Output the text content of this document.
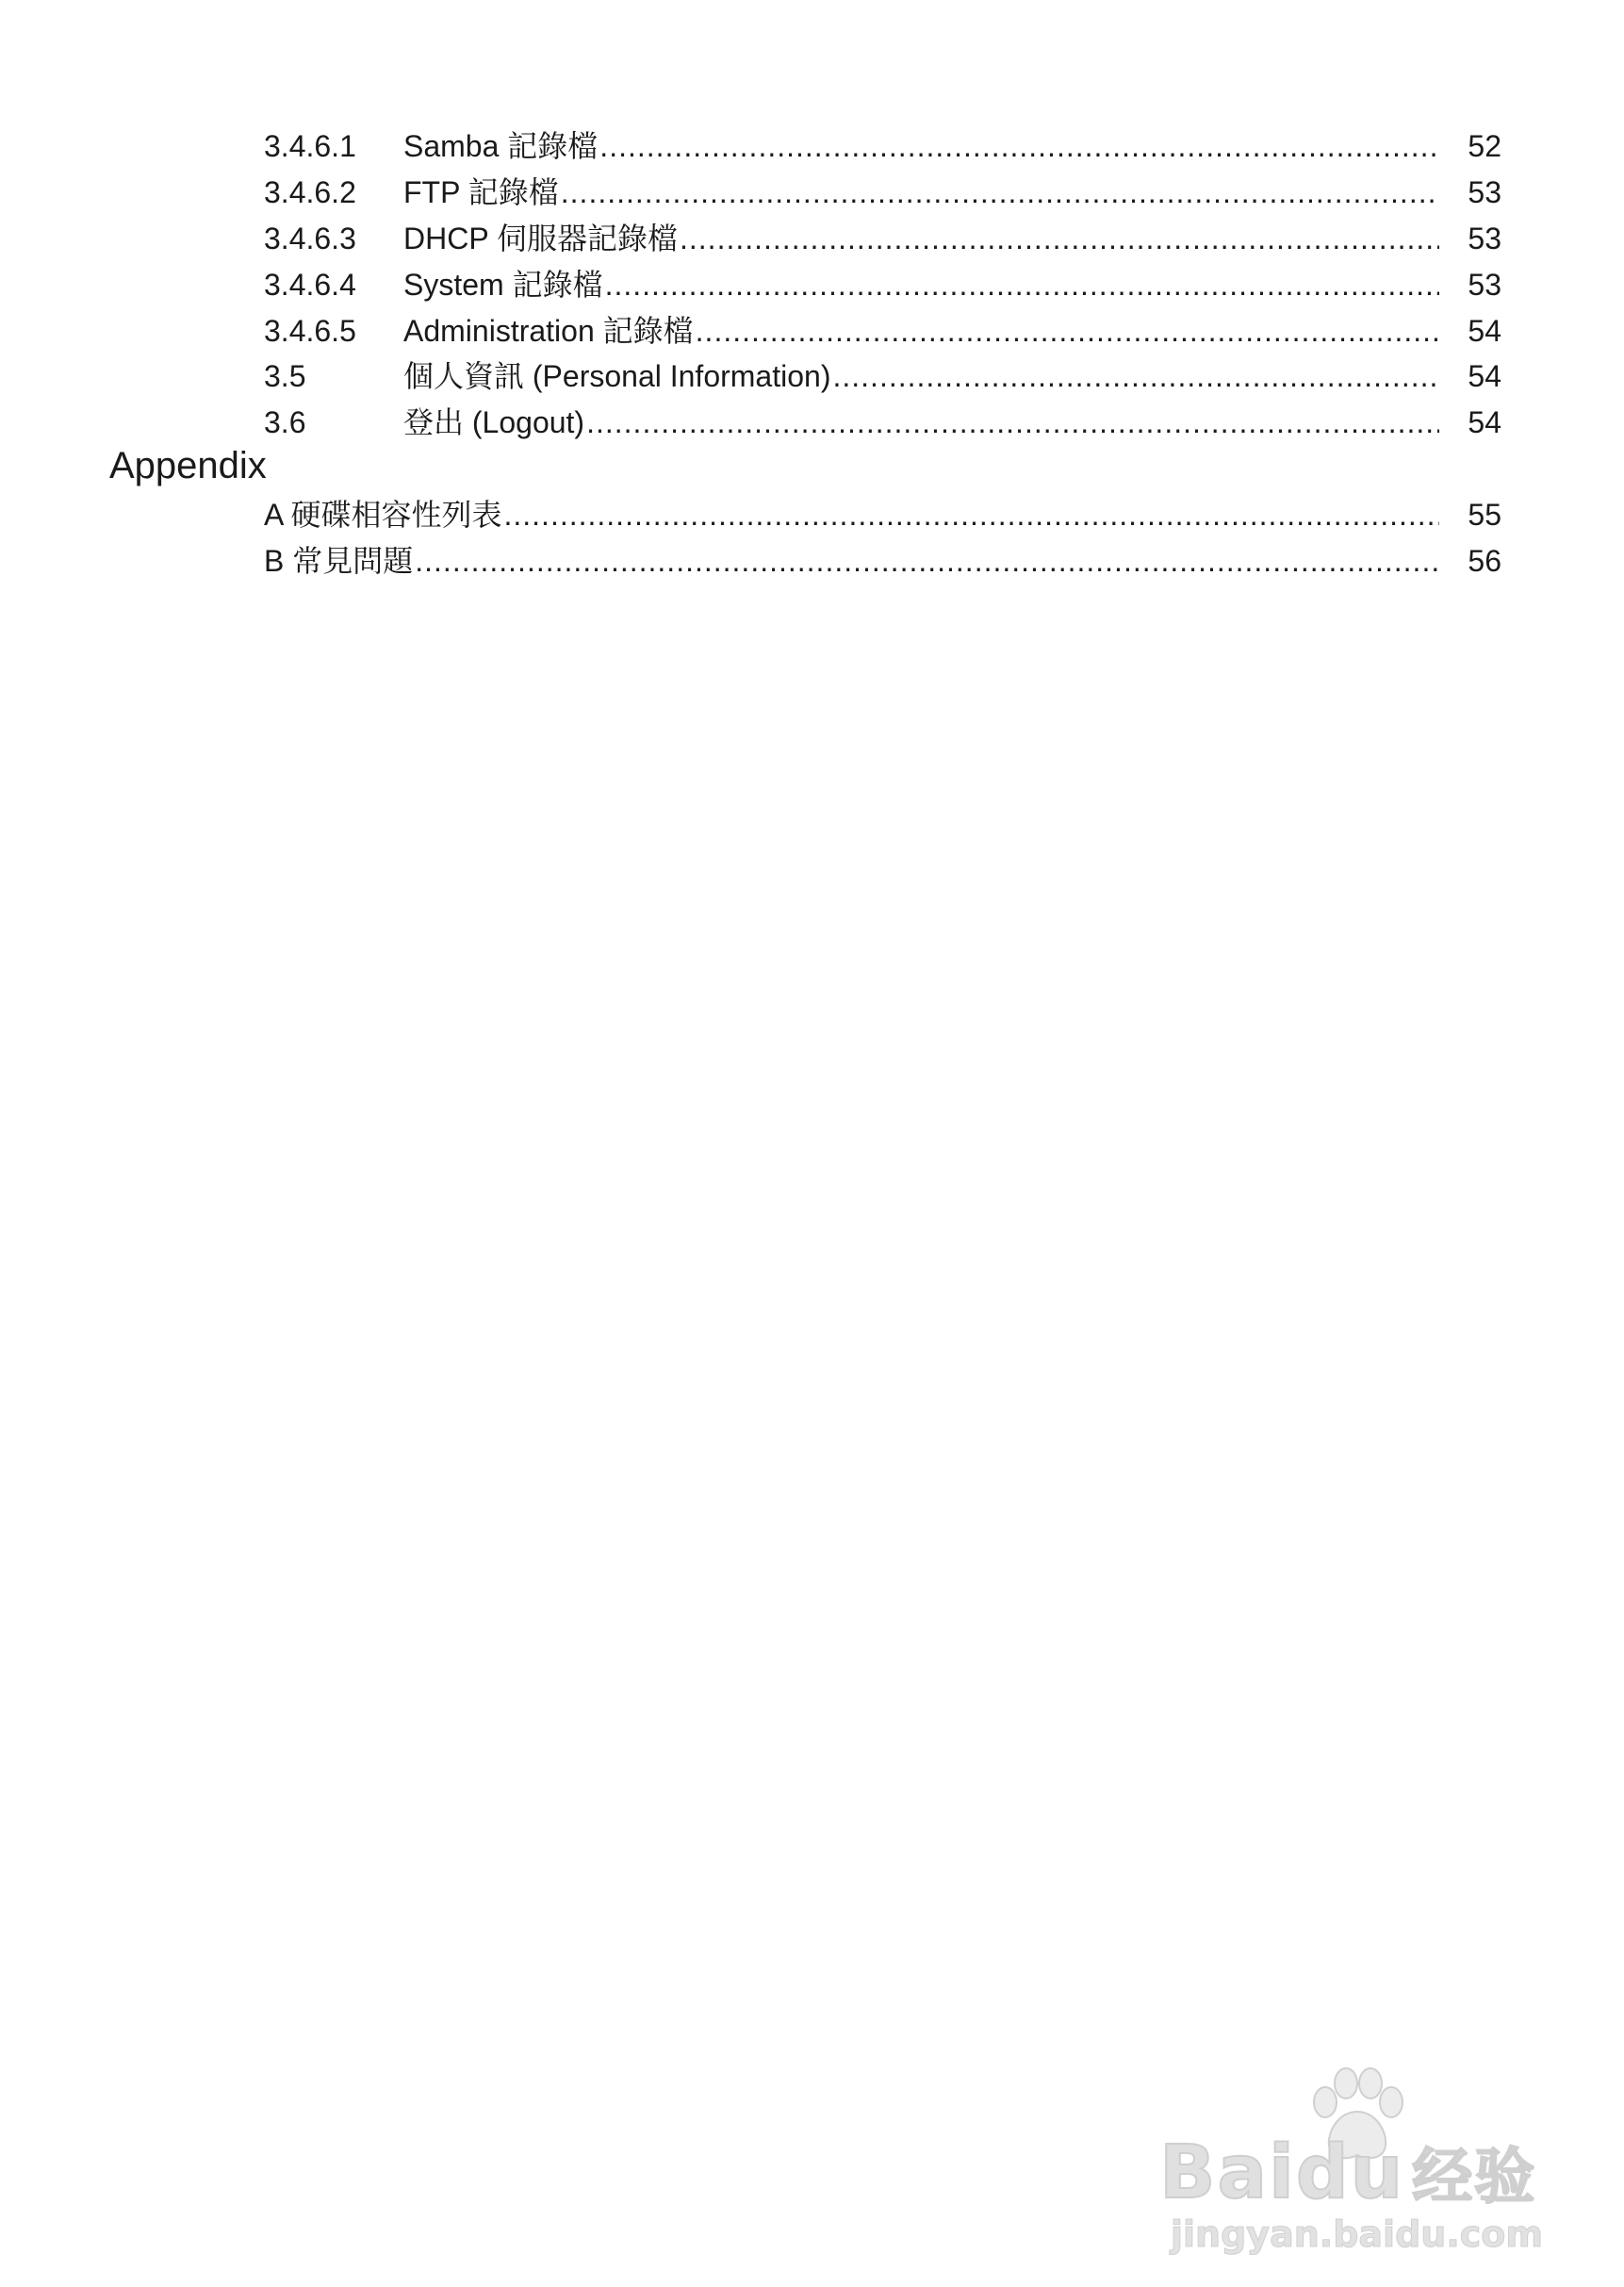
3.4.6.1 Samba 記錄檔 .....	52
3.4.6.2 FTP 記錄檔 .....	53
3.4.6.3 DHCP 伺服器記錄檔 .....	53
3.4.6.4 System 記錄檔 .....	53
3.4.6.5 Administration 記錄檔 .....	54
3.5	個人資訊 (Personal Information) .....	54
3.6	登出 (Logout) .....	54
Appendix
A 硬碟相容性列表 .....	55
B 常見問題 .....	56
Baidu 经验
jingyan.baidu.com
